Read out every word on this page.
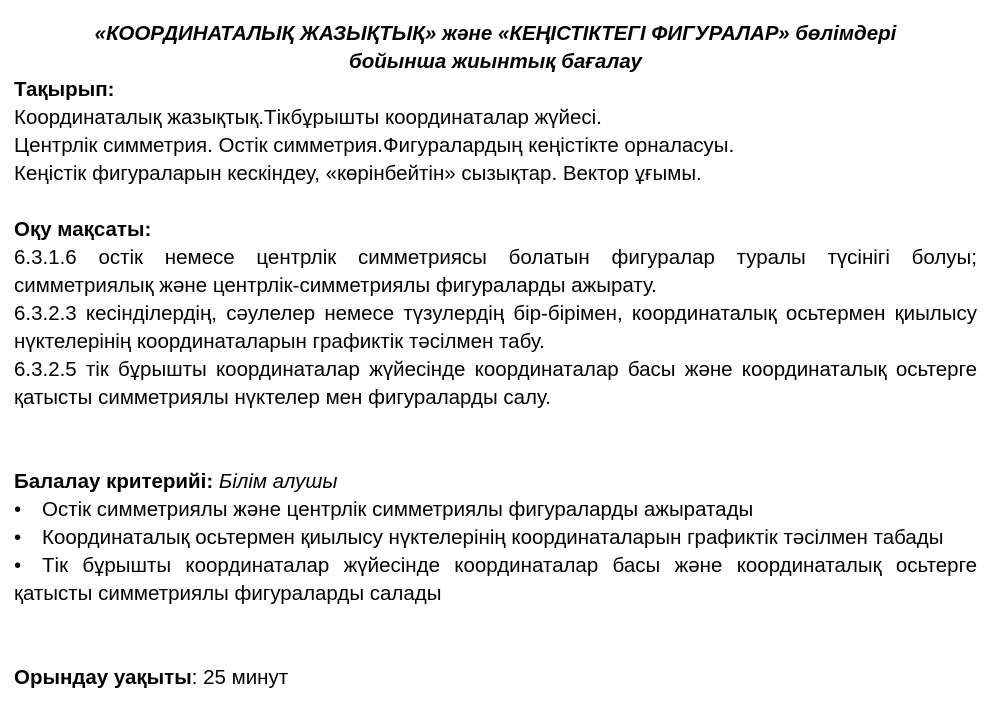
«КООРДИНАТАЛЫҚ ЖАЗЫҚТЫҚ» және «КЕҢІСТІКТЕГІ ФИГУРАЛАР» бөлімдері
бойынша жиынтық бағалау

Тақырып:

Координаталық жазықтық.Тікбұрышты координаталар жүйесі.

Центрлік симметрия. Остік симметрия.Фигуралардың кеңістікте орналасуы.

Кеңістік фигураларын кескіндеу, «көрінбейтін» сызықтар. Вектор ұғымы.

Оқу мақсаты:

6.3.1.6 остік немесе центрлік симметриясы болатын фигуралар туралы түсінігі болуы; симметриялық және центрлік-симметриялы фигураларды ажырату.

6.3.2.3 кесінділердің, сәулелер немесе түзулердің бір-бірімен, координаталық осьтермен қиылысу нүктелерінің координаталарын графиктік тәсілмен табу.

6.3.2.5 тік бұрышты координаталар жүйесінде координаталар басы және координаталық осьтерге қатысты симметриялы нүктелер мен фигураларды салу.

Балалау критерийі: Білім алушы

• Остік симметриялы және центрлік симметриялы фигураларды ажыратады
• Координаталық осьтермен қиылысу нүктелерінің координаталарын графиктік тәсілмен табады
• Тік бұрышты координаталар жүйесінде координаталар басы және координаталық осьтерге қатысты симметриялы фигураларды салады

Орындау уақыты: 25 минут
